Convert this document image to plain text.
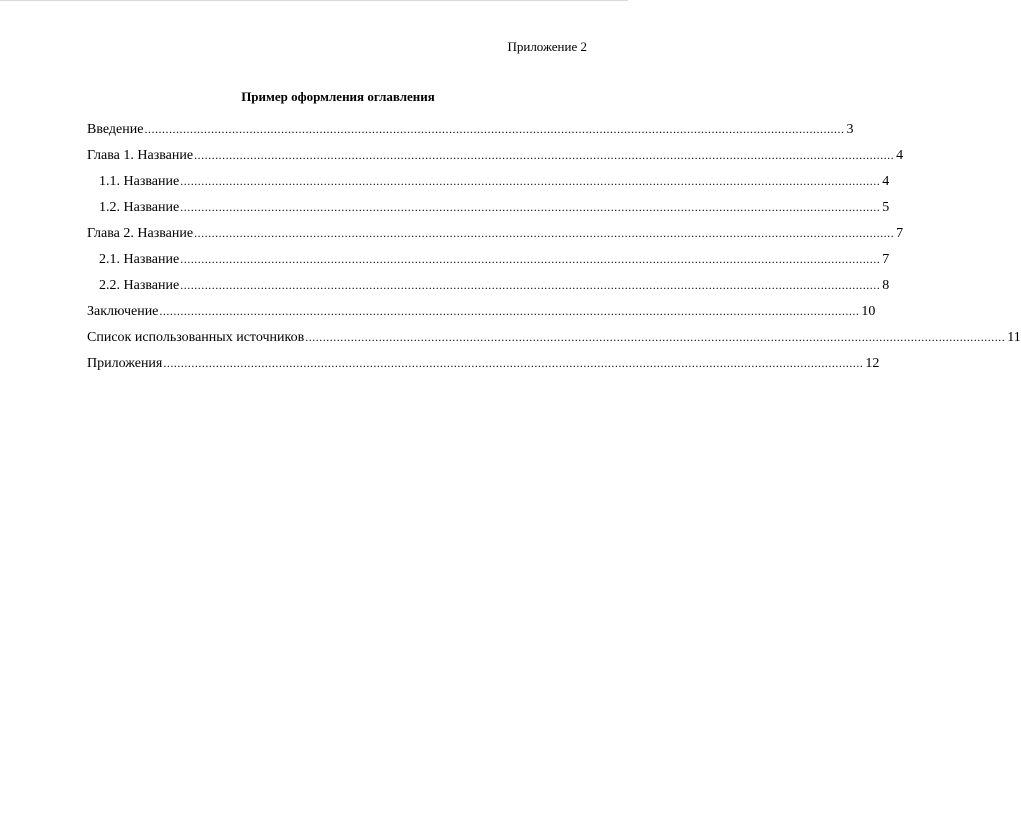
Приложение 2
Пример оформления оглавления
Введение ........................................................................................................................................................................................................ 3
Глава 1. Название ........................................................................................................................................................................................................ 4
1.1. Название ........................................................................................................................................................................................................ 4
1.2. Название ........................................................................................................................................................................................................ 5
Глава 2. Название ........................................................................................................................................................................................................ 7
2.1. Название ........................................................................................................................................................................................................ 7
2.2. Название ........................................................................................................................................................................................................ 8
Заключение ........................................................................................................................................................................................................ 10
Список использованных источников ........................................................................................................................................................................................................ 11
Приложения ........................................................................................................................................................................................................ 12
